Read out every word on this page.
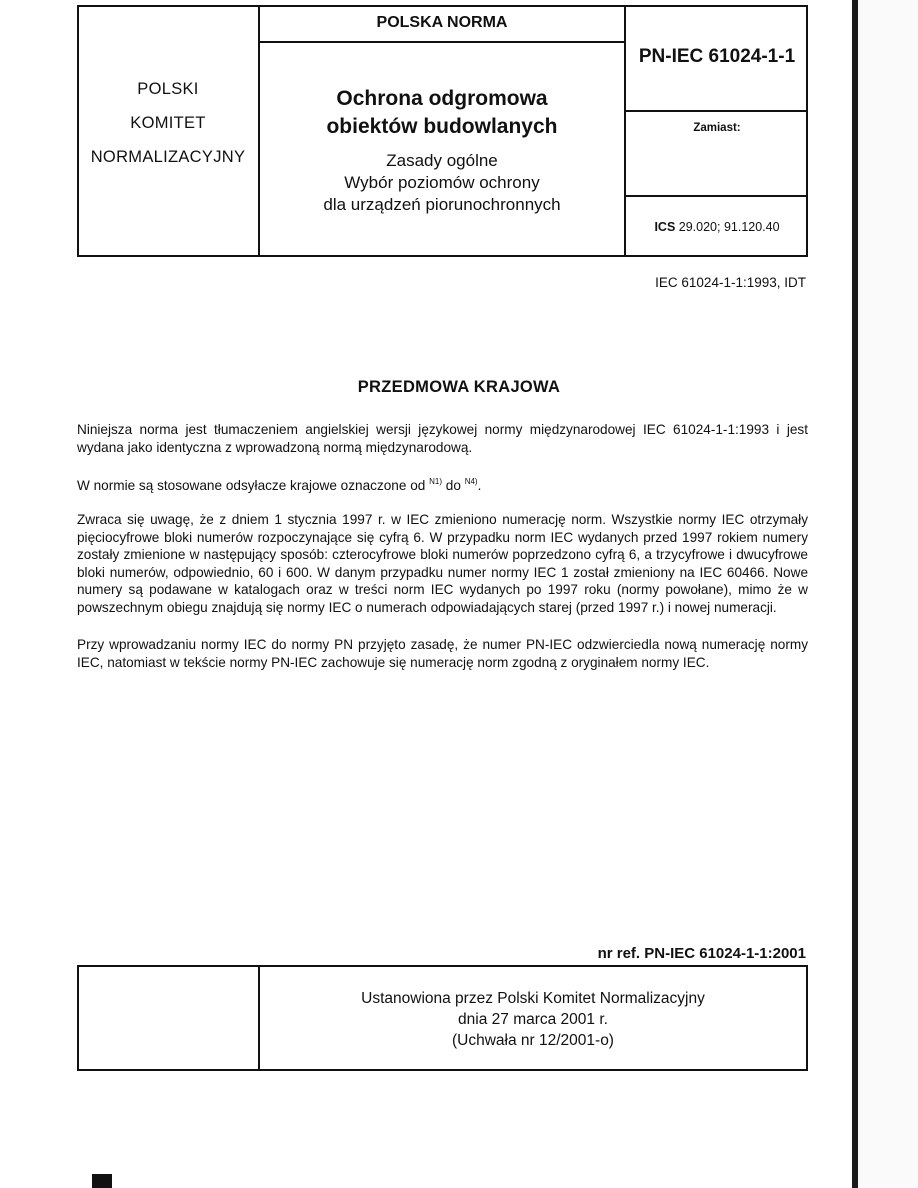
POLSKI
KOMITET
NORMALIZACYJNY
POLSKA NORMA
Ochrona odgromowa
obiektów budowlanych
Zasady ogólne
Wybór poziomów ochrony
dla urządzeń piorunochronnych
PN-IEC 61024-1-1
Zamiast:
ICS 29.020; 91.120.40
IEC 61024-1-1:1993, IDT
PRZEDMOWA KRAJOWA
Niniejsza norma jest tłumaczeniem angielskiej wersji językowej normy międzynarodowej IEC 61024-1-1:1993 i jest wydana jako identyczna z wprowadzoną normą międzynarodową.
W normie są stosowane odsyłacze krajowe oznaczone od $^{N1)}$ do $^{N4)}$.
Zwraca się uwagę, że z dniem 1 stycznia 1997 r. w IEC zmieniono numerację norm. Wszystkie normy IEC otrzymały pięciocyfrowe bloki numerów rozpoczynające się cyfrą 6. W przypadku norm IEC wydanych przed 1997 rokiem numery zostały zmienione w następujący sposób: czterocyfrowe bloki numerów poprzedzono cyfrą 6, a trzycyfrowe i dwucyfrowe bloki numerów, odpowiednio, 60 i 600. W danym przypadku numer normy IEC 1 został zmieniony na IEC 60466. Nowe numery są podawane w katalogach oraz w treści norm IEC wydanych po 1997 roku (normy powołane), mimo że w powszechnym obiegu znajdują się normy IEC o numerach odpowiadających starej (przed 1997 r.) i nowej numeracji.
Przy wprowadzaniu normy IEC do normy PN przyjęto zasadę, że numer PN-IEC odzwierciedla nową numerację normy IEC, natomiast w tekście normy PN-IEC zachowuje się numerację norm zgodną z oryginałem normy IEC.
nr ref. PN-IEC 61024-1-1:2001
Ustanowiona przez Polski Komitet Normalizacyjny
dnia 27 marca 2001 r.
(Uchwała nr 12/2001-o)
